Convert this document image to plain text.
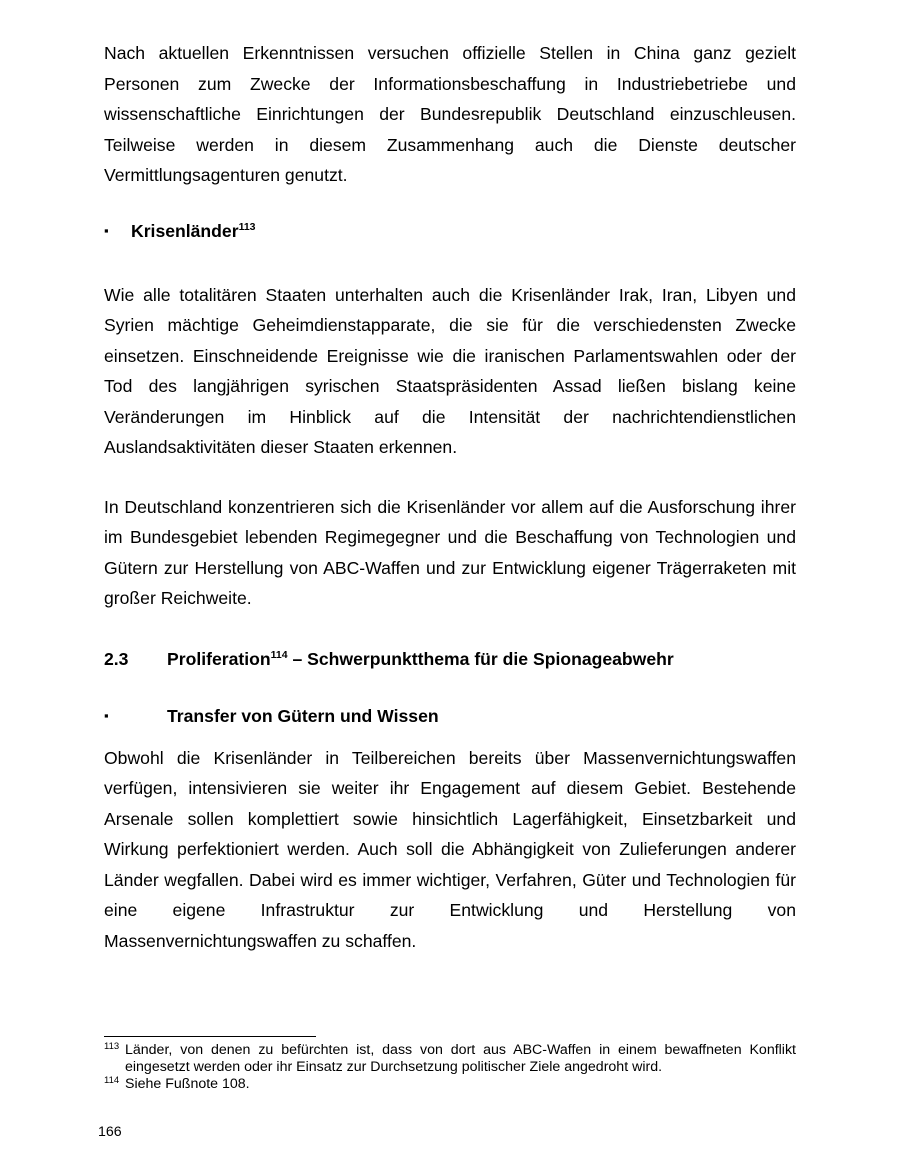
Nach aktuellen Erkenntnissen versuchen offizielle Stellen in China ganz gezielt Personen zum Zwecke der Informationsbeschaffung in Industriebetriebe und wissenschaftliche Einrichtungen der Bundesrepublik Deutschland einzuschleusen. Teilweise werden in diesem Zusammenhang auch die Dienste deutscher Vermittlungsagenturen genutzt.

▪	Krisenländer$^{113}$

Wie alle totalitären Staaten unterhalten auch die Krisenländer Irak, Iran, Libyen und Syrien mächtige Geheimdienstapparate, die sie für die verschiedensten Zwecke einsetzen. Einschneidende Ereignisse wie die iranischen Parlamentswahlen oder der Tod des langjährigen syrischen Staatspräsidenten Assad ließen bislang keine Veränderungen im Hinblick auf die Intensität der nachrichtendienstlichen Auslandsaktivitäten dieser Staaten erkennen.

In Deutschland konzentrieren sich die Krisenländer vor allem auf die Ausforschung ihrer im Bundesgebiet lebenden Regimegegner und die Beschaffung von Technologien und Gütern zur Herstellung von ABC-Waffen und zur Entwicklung eigener Trägerraketen mit großer Reichweite.

2.3	Proliferation$^{114}$ – Schwerpunktthema für die Spionageabwehr
▪	Transfer von Gütern und Wissen

Obwohl die Krisenländer in Teilbereichen bereits über Massenvernichtungswaffen verfügen, intensivieren sie weiter ihr Engagement auf diesem Gebiet. Bestehende Arsenale sollen komplettiert sowie hinsichtlich Lagerfähigkeit, Einsetzbarkeit und Wirkung perfektioniert werden. Auch soll die Abhängigkeit von Zulieferungen anderer Länder wegfallen. Dabei wird es immer wichtiger, Verfahren, Güter und Technologien für eine eigene Infrastruktur zur Entwicklung und Herstellung von Massenvernichtungswaffen zu schaffen.

113 Länder, von denen zu befürchten ist, dass von dort aus ABC-Waffen in einem bewaffneten Konflikt eingesetzt werden oder ihr Einsatz zur Durchsetzung politischer Ziele angedroht wird.
114 Siehe Fußnote 108.
166
